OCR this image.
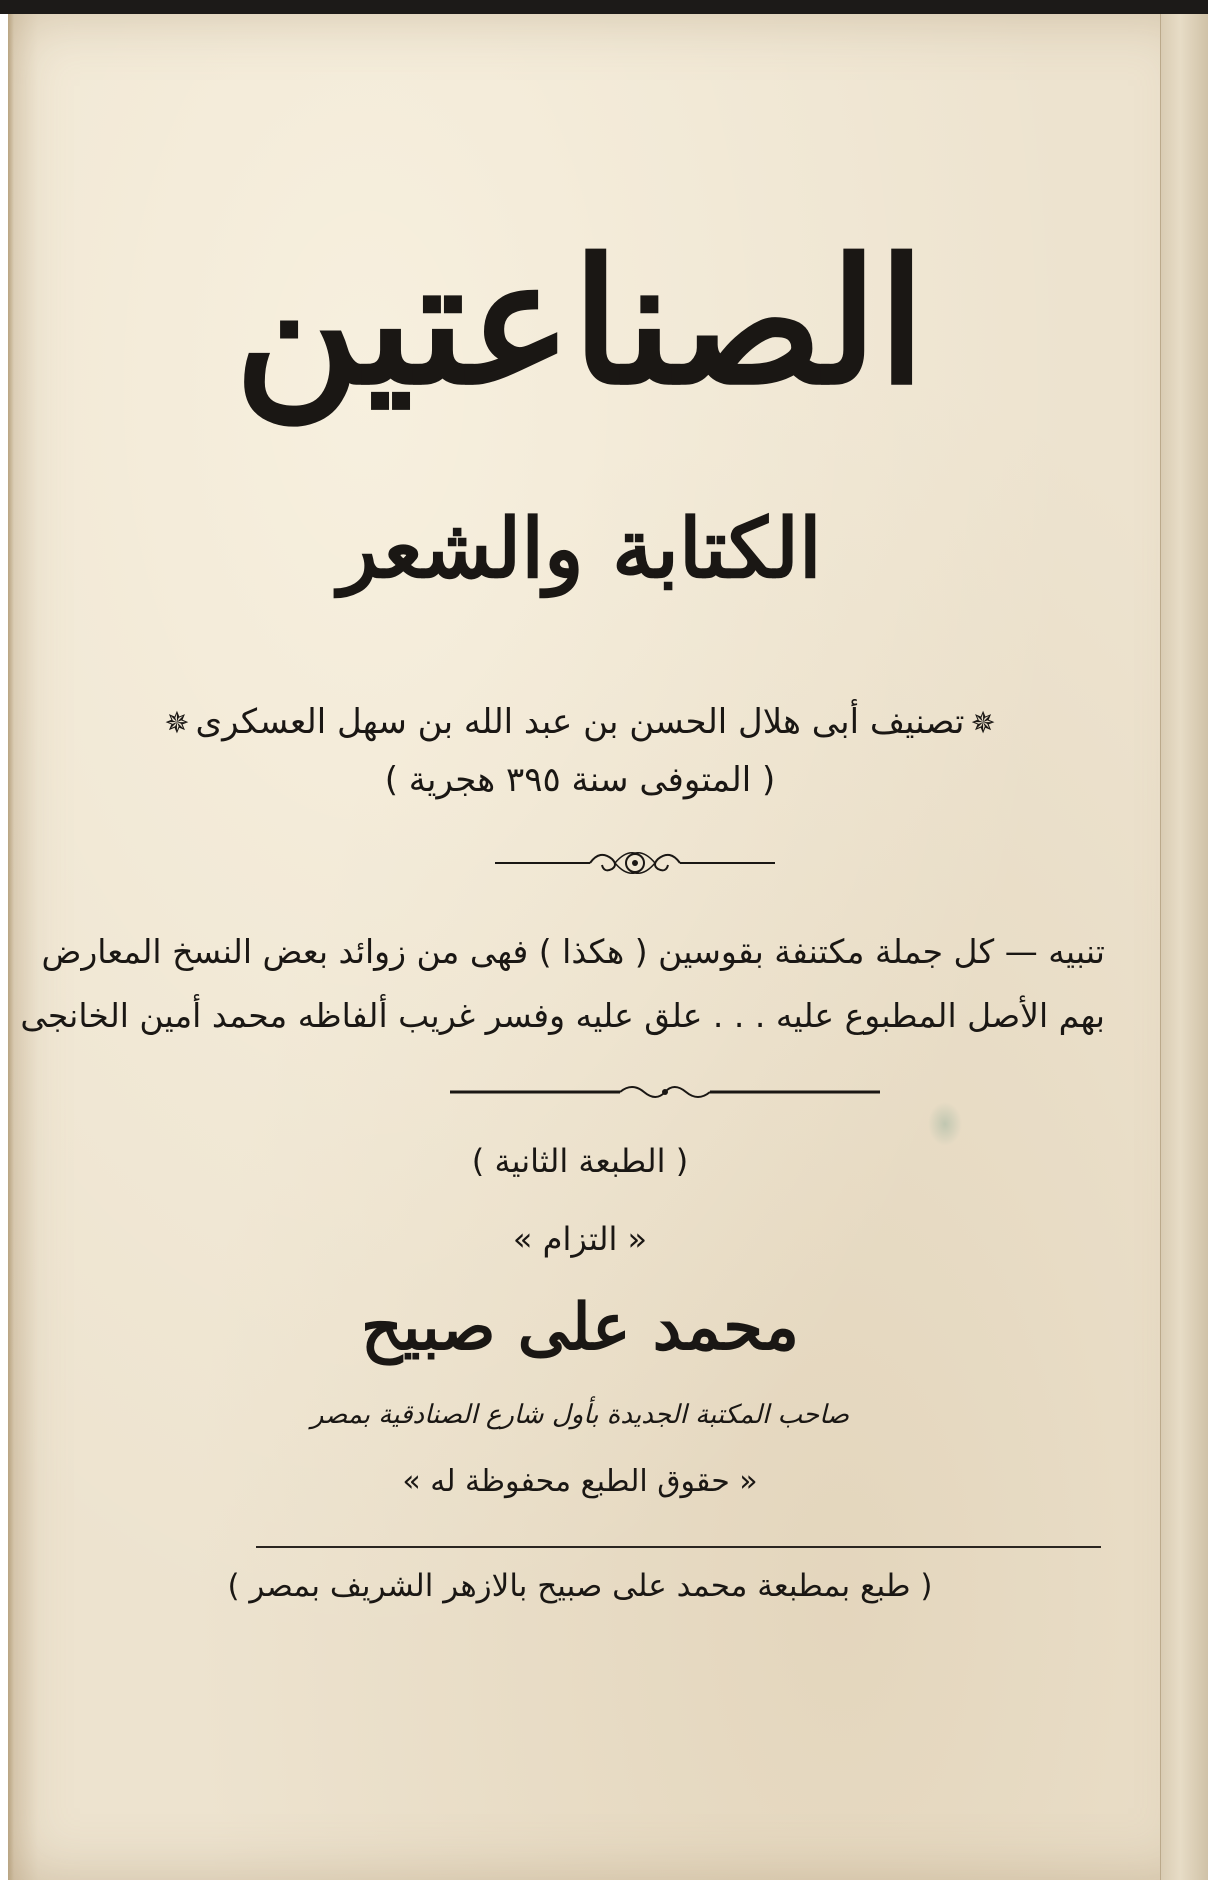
الصناعتين
الكتابة والشعر
✵تصنيف أبى هلال الحسن بن عبد الله بن سهل العسكرى✵
( المتوفى سنة ٣٩٥ هجرية )
تنبيه — كل جملة مكتنفة بقوسين ( هكذا ) فهى من زوائد بعض النسخ المعارض
بهم الأصل المطبوع عليه . . . علق عليه وفسر غريب ألفاظه محمد أمين الخانجى
( الطبعة الثانية )
« التزام »
محمد على صبيح
صاحب المكتبة الجديدة بأول شارع الصنادقية بمصر
« حقوق الطبع محفوظة له »
( طبع بمطبعة محمد على صبيح بالازهر الشريف بمصر )
